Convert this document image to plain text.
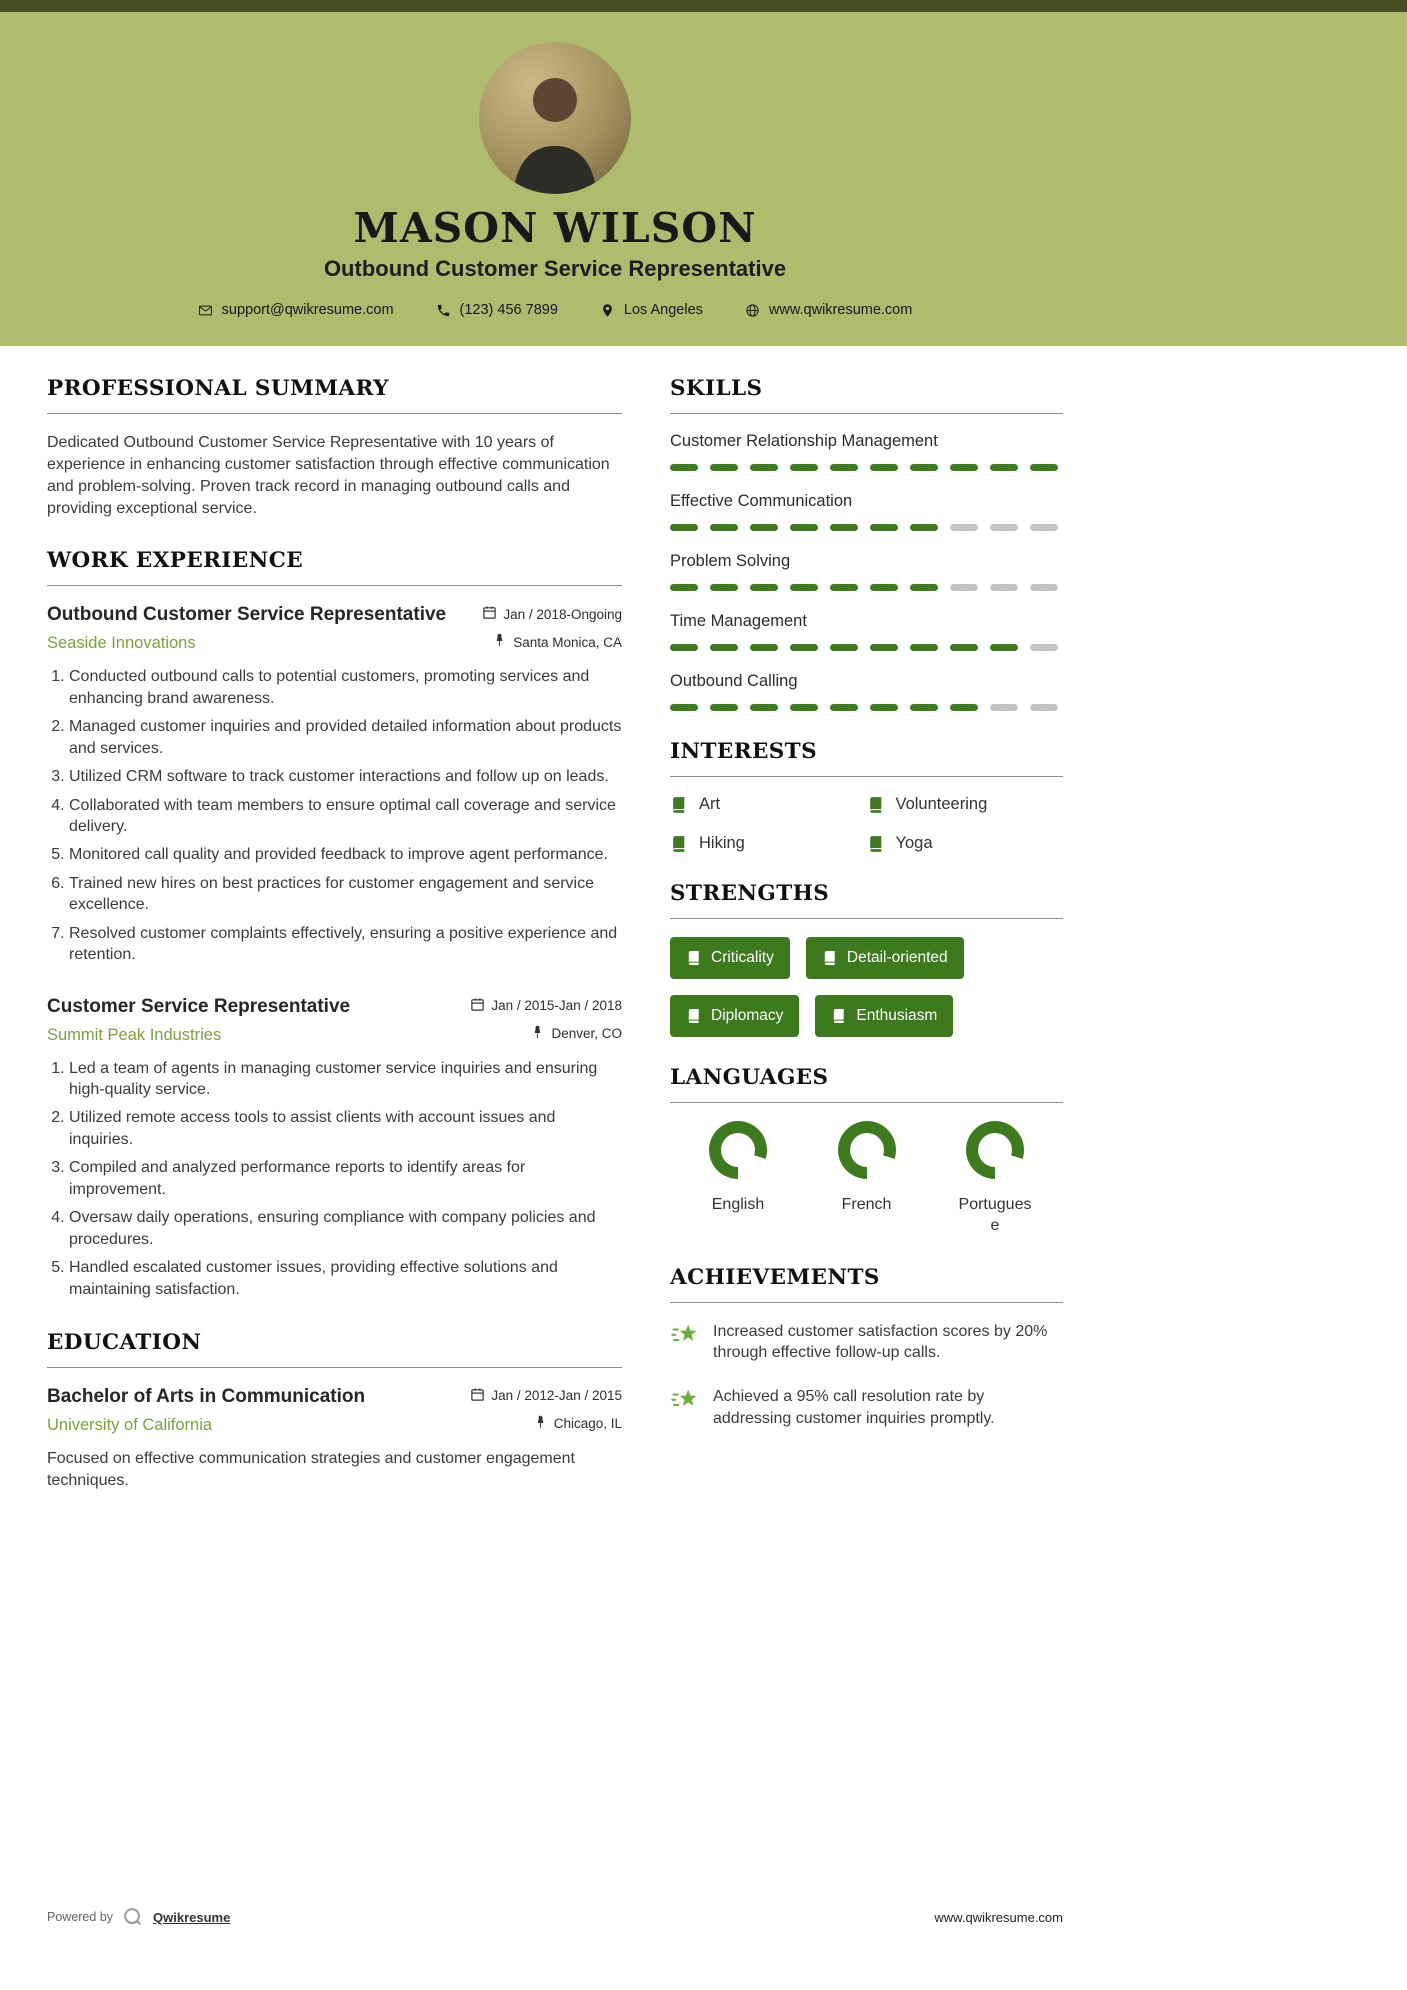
MASON WILSON
Outbound Customer Service Representative
support@qwikresume.com	(123) 456 7899	Los Angeles	www.qwikresume.com
PROFESSIONAL SUMMARY

Dedicated Outbound Customer Service Representative with 10 years of experience in enhancing customer satisfaction through effective communication and problem-solving. Proven track record in managing outbound calls and providing exceptional service.

WORK EXPERIENCE
Outbound Customer Service Representative	Jan / 2018-Ongoing
Seaside Innovations	Santa Monica, CA
1. Conducted outbound calls to potential customers, promoting services and enhancing brand awareness.
2. Managed customer inquiries and provided detailed information about products and services.
3. Utilized CRM software to track customer interactions and follow up on leads.
4. Collaborated with team members to ensure optimal call coverage and service delivery.
5. Monitored call quality and provided feedback to improve agent performance.
6. Trained new hires on best practices for customer engagement and service excellence.
7. Resolved customer complaints effectively, ensuring a positive experience and retention.
Customer Service Representative	Jan / 2015-Jan / 2018
Summit Peak Industries	Denver, CO
1. Led a team of agents in managing customer service inquiries and ensuring high-quality service.
2. Utilized remote access tools to assist clients with account issues and inquiries.
3. Compiled and analyzed performance reports to identify areas for improvement.
4. Oversaw daily operations, ensuring compliance with company policies and procedures.
5. Handled escalated customer issues, providing effective solutions and maintaining satisfaction.
EDUCATION
Bachelor of Arts in Communication	Jan / 2012-Jan / 2015
University of California	Chicago, IL

Focused on effective communication strategies and customer engagement techniques.

SKILLS
Customer Relationship Management
Effective Communication
Problem Solving
Time Management
Outbound Calling
INTERESTS
Art	Volunteering
Hiking	Yoga
STRENGTHS
Criticality	Detail-oriented
Diplomacy	Enthusiasm
LANGUAGES
English	French	Portuguese
ACHIEVEMENTS
Increased customer satisfaction scores by 20% through effective follow-up calls.
Achieved a 95% call resolution rate by addressing customer inquiries promptly.
Powered by	Qwikresume	www.qwikresume.com
